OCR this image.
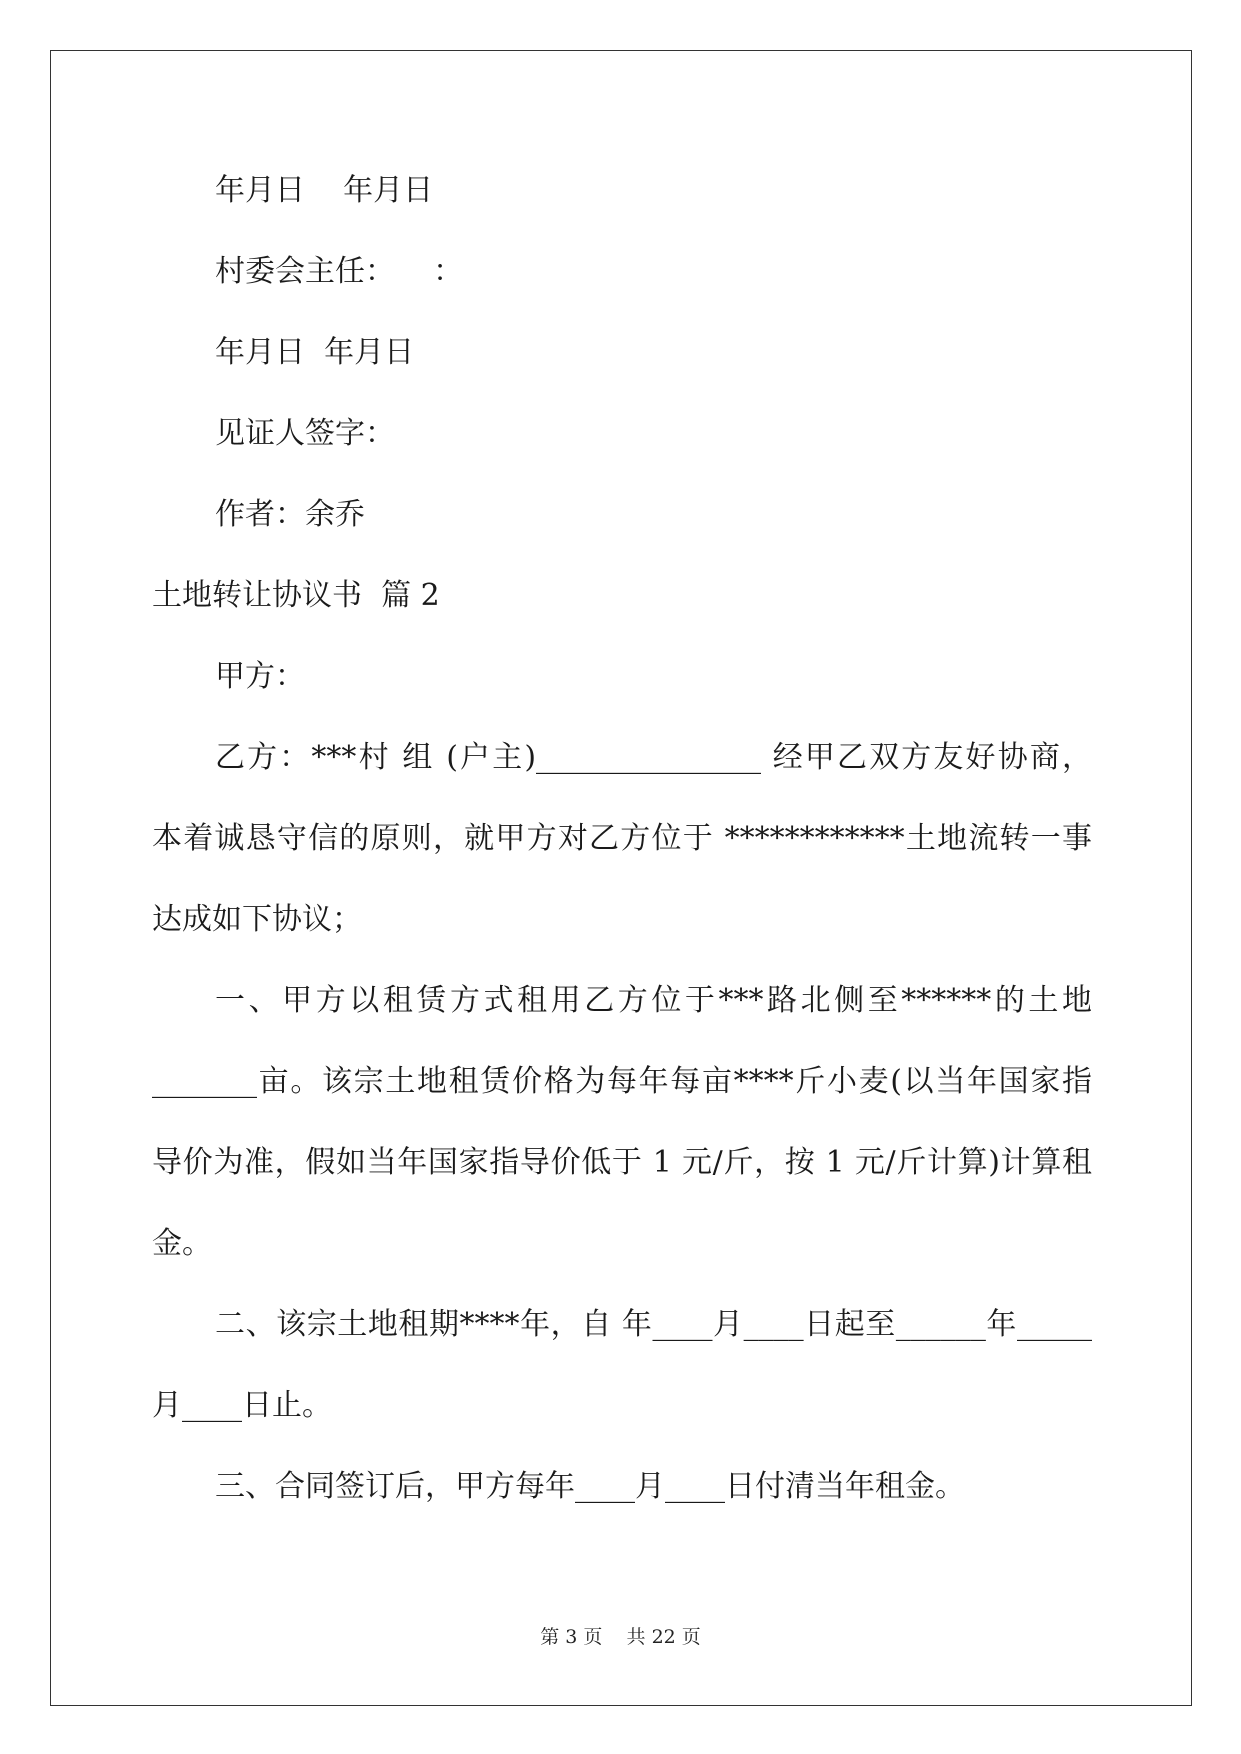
年月日    年月日
村委会主任：    ：
年月日  年月日
见证人签字：
作者：余乔
土地转让协议书  篇 2
甲方：
乙方：***村 组 (户主)_______________ 经甲乙双方友好协商，
本着诚恳守信的原则，就甲方对乙方位于 ************土地流转一事
达成如下协议；
一、甲方以租赁方式租用乙方位于***路北侧至******的土地
_______亩。该宗土地租赁价格为每年每亩****斤小麦(以当年国家指
导价为准，假如当年国家指导价低于 1 元/斤，按 1 元/斤计算)计算租
金。
二、该宗土地租期****年，自 年____月____日起至______年_____
月____日止。
三、合同签订后，甲方每年____月____日付清当年租金。
第 3 页    共 22 页
